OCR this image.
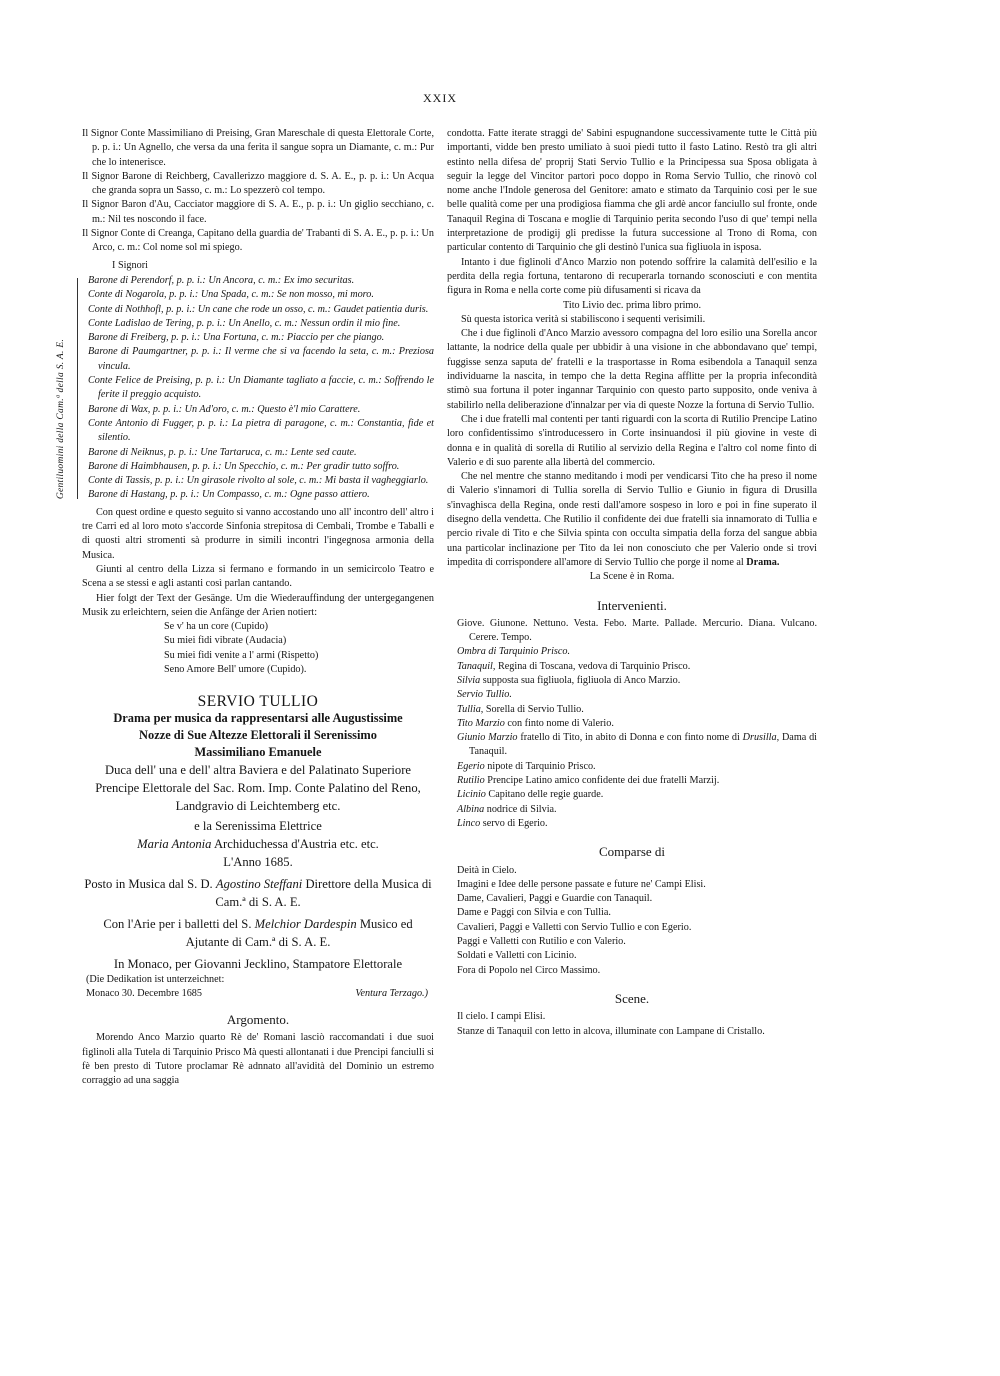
XXIX

Il Signor Conte Massimiliano di Preising, Gran Mareschale di questa Elettorale Corte, p. p. i.: Un Agnello, che versa da una ferita il sangue sopra un Diamante, c. m.: Pur che lo intenerisce.

Il Signor Barone di Reichberg, Cavallerizzo maggiore d. S. A. E., p. p. i.: Un Acqua che granda sopra un Sasso, c. m.: Lo spezzerò col tempo.

Il Signor Baron d'Au, Cacciator maggiore di S. A. E., p. p. i.: Un giglio secchiano, c. m.: Nil tes noscondo il face.

Il Signor Conte di Creanga, Capitano della guardia de' Trabanti di S. A. E., p. p. i.: Un Arco, c. m.: Col nome sol mi spiego.

I Signori

Gentiluomini della Cam.ª della S. A. E.

Barone di Perendorf, p. p. i.: Un Ancora, c. m.: Ex imo securitas.

Conte di Nogarola, p. p. i.: Una Spada, c. m.: Se non mosso, mi moro.

Conte di Nothhofl, p. p. i.: Un cane che rode un osso, c. m.: Gaudet patientia duris.

Conte Ladislao de Tering, p. p. i.: Un Anello, c. m.: Nessun ordin il mio fine.

Barone di Freiberg, p. p. i.: Una Fortuna, c. m.: Piaccio per che piango.

Barone di Paumgartner, p. p. i.: Il verme che si va facendo la seta, c. m.: Preziosa vincula.

Conte Felice de Preising, p. p. i.: Un Diamante tagliato a faccie, c. m.: Soffrendo le ferite il preggio acquisto.

Barone di Wax, p. p. i.: Un Ad'oro, c. m.: Questo è'l mio Carattere.

Conte Antonio di Fugger, p. p. i.: La pietra di paragone, c. m.: Constantia, fide et silentio.

Barone di Neiknus, p. p. i.: Une Tartaruca, c. m.: Lente sed caute.

Barone di Haimbhausen, p. p. i.: Un Specchio, c. m.: Per gradir tutto soffro.

Conte di Tassis, p. p. i.: Un girasole rivolto al sole, c. m.: Mi basta il vagheggiarlo.

Barone di Hastang, p. p. i.: Un Compasso, c. m.: Ogne passo attiero.

Con quest ordine e questo seguito si vanno accostando uno all' incontro dell' altro i tre Carri ed al loro moto s'accorde Sinfonia strepitosa di Cembali, Trombe e Taballi e di quosti altri stromenti sà produrre in simili incontri l'ingegnosa armonia della Musica.

Giunti al centro della Lizza si fermano e formando in un semicircolo Teatro e Scena a se stessi e agli astanti così parlan cantando.

Hier folgt der Text der Gesänge. Um die Wiederauffindung der untergegangenen Musik zu erleichtern, seien die Anfänge der Arien notiert:

Se v' ha un core (Cupido)

Su miei fidi vibrate (Audacia)

Su miei fidi venite a l' armi (Rispetto)

Seno Amore Bell' umore (Cupido).

SERVIO TULLIO
Drama per musica da rappresentarsi alle Augustissime
Nozze di Sue Altezze Elettorali il Serenissimo
Massimiliano Emanuele
Duca dell' una e dell' altra Baviera e del Palatinato Superiore Prencipe Elettorale del Sac. Rom. Imp. Conte Palatino del Reno, Landgravio di Leichtemberg etc.
e la Serenissima Elettrice
Maria Antonia Archiduchessa d'Austria etc. etc.
L'Anno 1685.
Posto in Musica dal S. D. Agostino Steffani Direttore della Musica di Cam.ª di S. A. E.
Con l'Arie per i balletti del S. Melchior Dardespin Musico ed Ajutante di Cam.ª di S. A. E.
In Monaco, per Giovanni Jecklino, Stampatore Elettorale
(Die Dedikation ist unterzeichnet:
Monaco 30. Decembre 1685	Ventura Terzago.)
Argomento.

Morendo Anco Marzio quarto Rè de' Romani lasciò raccomandati i due suoi figlinoli alla Tutela di Tarquinio Prisco Mà questi allontanati i due Prencipi fanciulli si fè ben presto di Tutore proclamar Rè adnnato all'avidità del Dominio un estremo corraggio ad una saggia

condotta. Fatte iterate straggi de' Sabini espugnandone successivamente tutte le Città più importanti, vidde ben presto umiliato à suoi piedi tutto il fasto Latino. Restò tra gli altri estinto nella difesa de' proprij Stati Servio Tullio e la Principessa sua Sposa obligata à seguir la legge del Vincitor partorì poco doppo in Roma Servio Tullio, che rinovò col nome anche l'Indole generosa del Genitore: amato e stimato da Tarquinio così per le sue belle qualità come per una prodigiosa fiamma che gli ardè ancor fanciullo sul fronte, onde Tanaquil Regina di Toscana e moglie di Tarquinio perita secondo l'uso di que' tempi nella interpretazione de prodigij gli predisse la futura successione al Trono di Roma, con particular contento di Tarquinio che gli destinò l'unica sua figliuola in isposa.

Intanto i due figlinoli d'Anco Marzio non potendo soffrire la calamità dell'esilio e la perdita della regia fortuna, tentarono di recuperarla tornando sconosciuti e con mentita figura in Roma e nella corte come più difusamenti si ricava da

Tito Livio dec. prima libro primo.

Sù questa istorica verità si stabiliscono i sequenti verisimili.

Che i due figlinoli d'Anco Marzio avessoro compagna del loro esilio una Sorella ancor lattante, la nodrice della quale per ubbidir à una visione in che abbondavano que' tempi, fuggisse senza saputa de' fratelli e la trasportasse in Roma esibendola a Tanaquil senza individuarne la nascita, in tempo che la detta Regina afflitte per la propria infecondità stimò sua fortuna il poter ingannar Tarquinio con questo parto supposito, onde veniva à stabilirlo nella deliberazione d'innalzar per via di queste Nozze la fortuna di Servio Tullio.

Che i due fratelli mal contenti per tanti riguardi con la scorta di Rutilio Prencipe Latino loro confidentissimo s'introducessero in Corte insinuandosi il più giovine in veste di donna e in qualità di sorella di Rutilio al servizio della Regina e l'altro col nome finto di Valerio e di suo parente alla libertà del commercio.

Che nel mentre che stanno meditando i modi per vendicarsi Tito che ha preso il nome di Valerio s'innamori di Tullia sorella di Servio Tullio e Giunio in figura di Drusilla s'invaghisca della Regina, onde resti dall'amore sospeso in loro e poi in fine superato il disegno della vendetta. Che Rutilio il confidente dei due fratelli sia innamorato di Tullia e percio rivale di Tito e che Silvia spinta con occulta simpatia della forza del sangue abbia una particolar inclinazione per Tito da lei non conosciuto che per Valerio onde si trovi impedita di corrispondere all'amore di Servio Tullio che porge il nome al Drama.

La Scene è in Roma.

Intervenienti.

Giove. Giunone. Nettuno. Vesta. Febo. Marte. Pallade. Mercurio. Diana. Vulcano. Cerere. Tempo.

Ombra di Tarquinio Prisco.

Tanaquil, Regina di Toscana, vedova di Tarquinio Prisco.

Silvia supposta sua figliuola, figliuola di Anco Marzio.

Servio Tullio.

Tullia, Sorella di Servio Tullio.

Tito Marzio con finto nome di Valerio.

Giunio Marzio fratello di Tito, in abito di Donna e con finto nome di Drusilla, Dama di Tanaquil.

Egerio nipote di Tarquinio Prisco.

Rutilio Prencipe Latino amico confidente dei due fratelli Marzij.

Licinio Capitano delle regie guarde.

Albina nodrice di Silvia.

Linco servo di Egerio.

Comparse di

Deità in Cielo.

Imagini e Idee delle persone passate e future ne' Campi Elisi.

Dame, Cavalieri, Paggi e Guardie con Tanaquil.

Dame e Paggi con Silvia e con Tullia.

Cavalieri, Paggi e Valletti con Servio Tullio e con Egerio.

Paggi e Valletti con Rutilio e con Valerio.

Soldati e Valletti con Licinio.

Fora di Popolo nel Circo Massimo.

Scene.

Il cielo. I campi Elisi.

Stanze di Tanaquil con letto in alcova, illuminate con Lampane di Cristallo.
